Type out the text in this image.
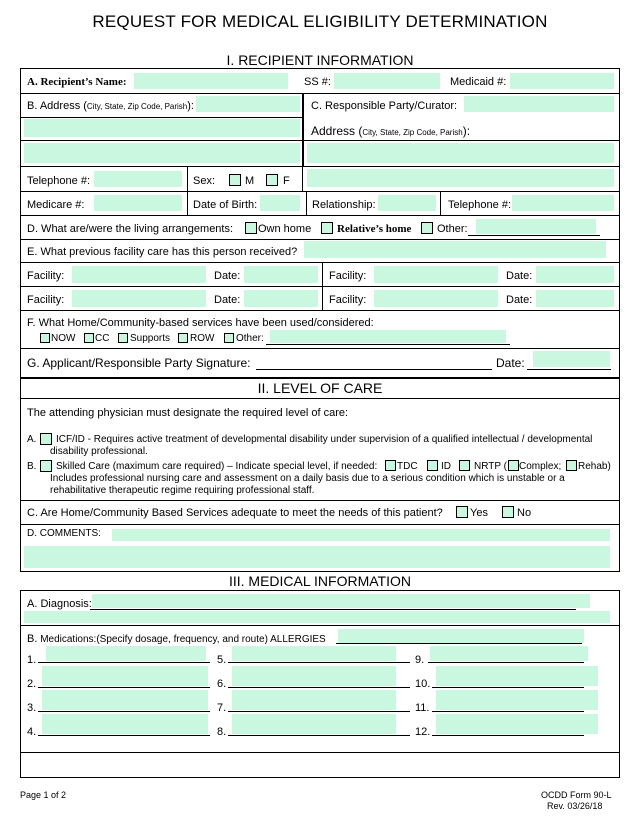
REQUEST FOR MEDICAL ELIGIBILITY DETERMINATION
I. RECIPIENT INFORMATION
A. Recipient’s Name:	SS #:	Medicaid #:
B. Address (City, State, Zip Code, Parish):	C. Responsible Party/Curator:
Address (City, State, Zip Code, Parish):
Telephone #:	Sex:	M	F
Medicare #:	Date of Birth:	Relationship:	Telephone #:
D. What are/were the living arrangements: Own home Relative’s home Other:
E. What previous facility care has this person received?
Facility:	Date:	Facility:	Date:
Facility:	Date:	Facility:	Date:
F. What Home/Community-based services have been used/considered:
NOW CC Supports ROW Other:
G. Applicant/Responsible Party Signature:	Date:
II. LEVEL OF CARE
The attending physician must designate the required level of care:
A. ICF/ID - Requires active treatment of developmental disability under supervision of a qualified intellectual / developmental
disability professional.
B. Skilled Care (maximum care required) – Indicate special level, if needed: TDC ID NRTP ( Complex; Rehab)
Includes professional nursing care and assessment on a daily basis due to a serious condition which is unstable or a
rehabilitative therapeutic regime requiring professional staff.
C. Are Home/Community Based Services adequate to meet the needs of this patient? Yes	No
D. COMMENTS:
III. MEDICAL INFORMATION
A. Diagnosis:
B. Medications:(Specify dosage, frequency, and route) ALLERGIES
1.
2.
3.
4.
5.
6.
7.
8.
9.
10.
11.
12.
Page 1 of 2	OCDD Form 90-L
Rev. 03/26/18
